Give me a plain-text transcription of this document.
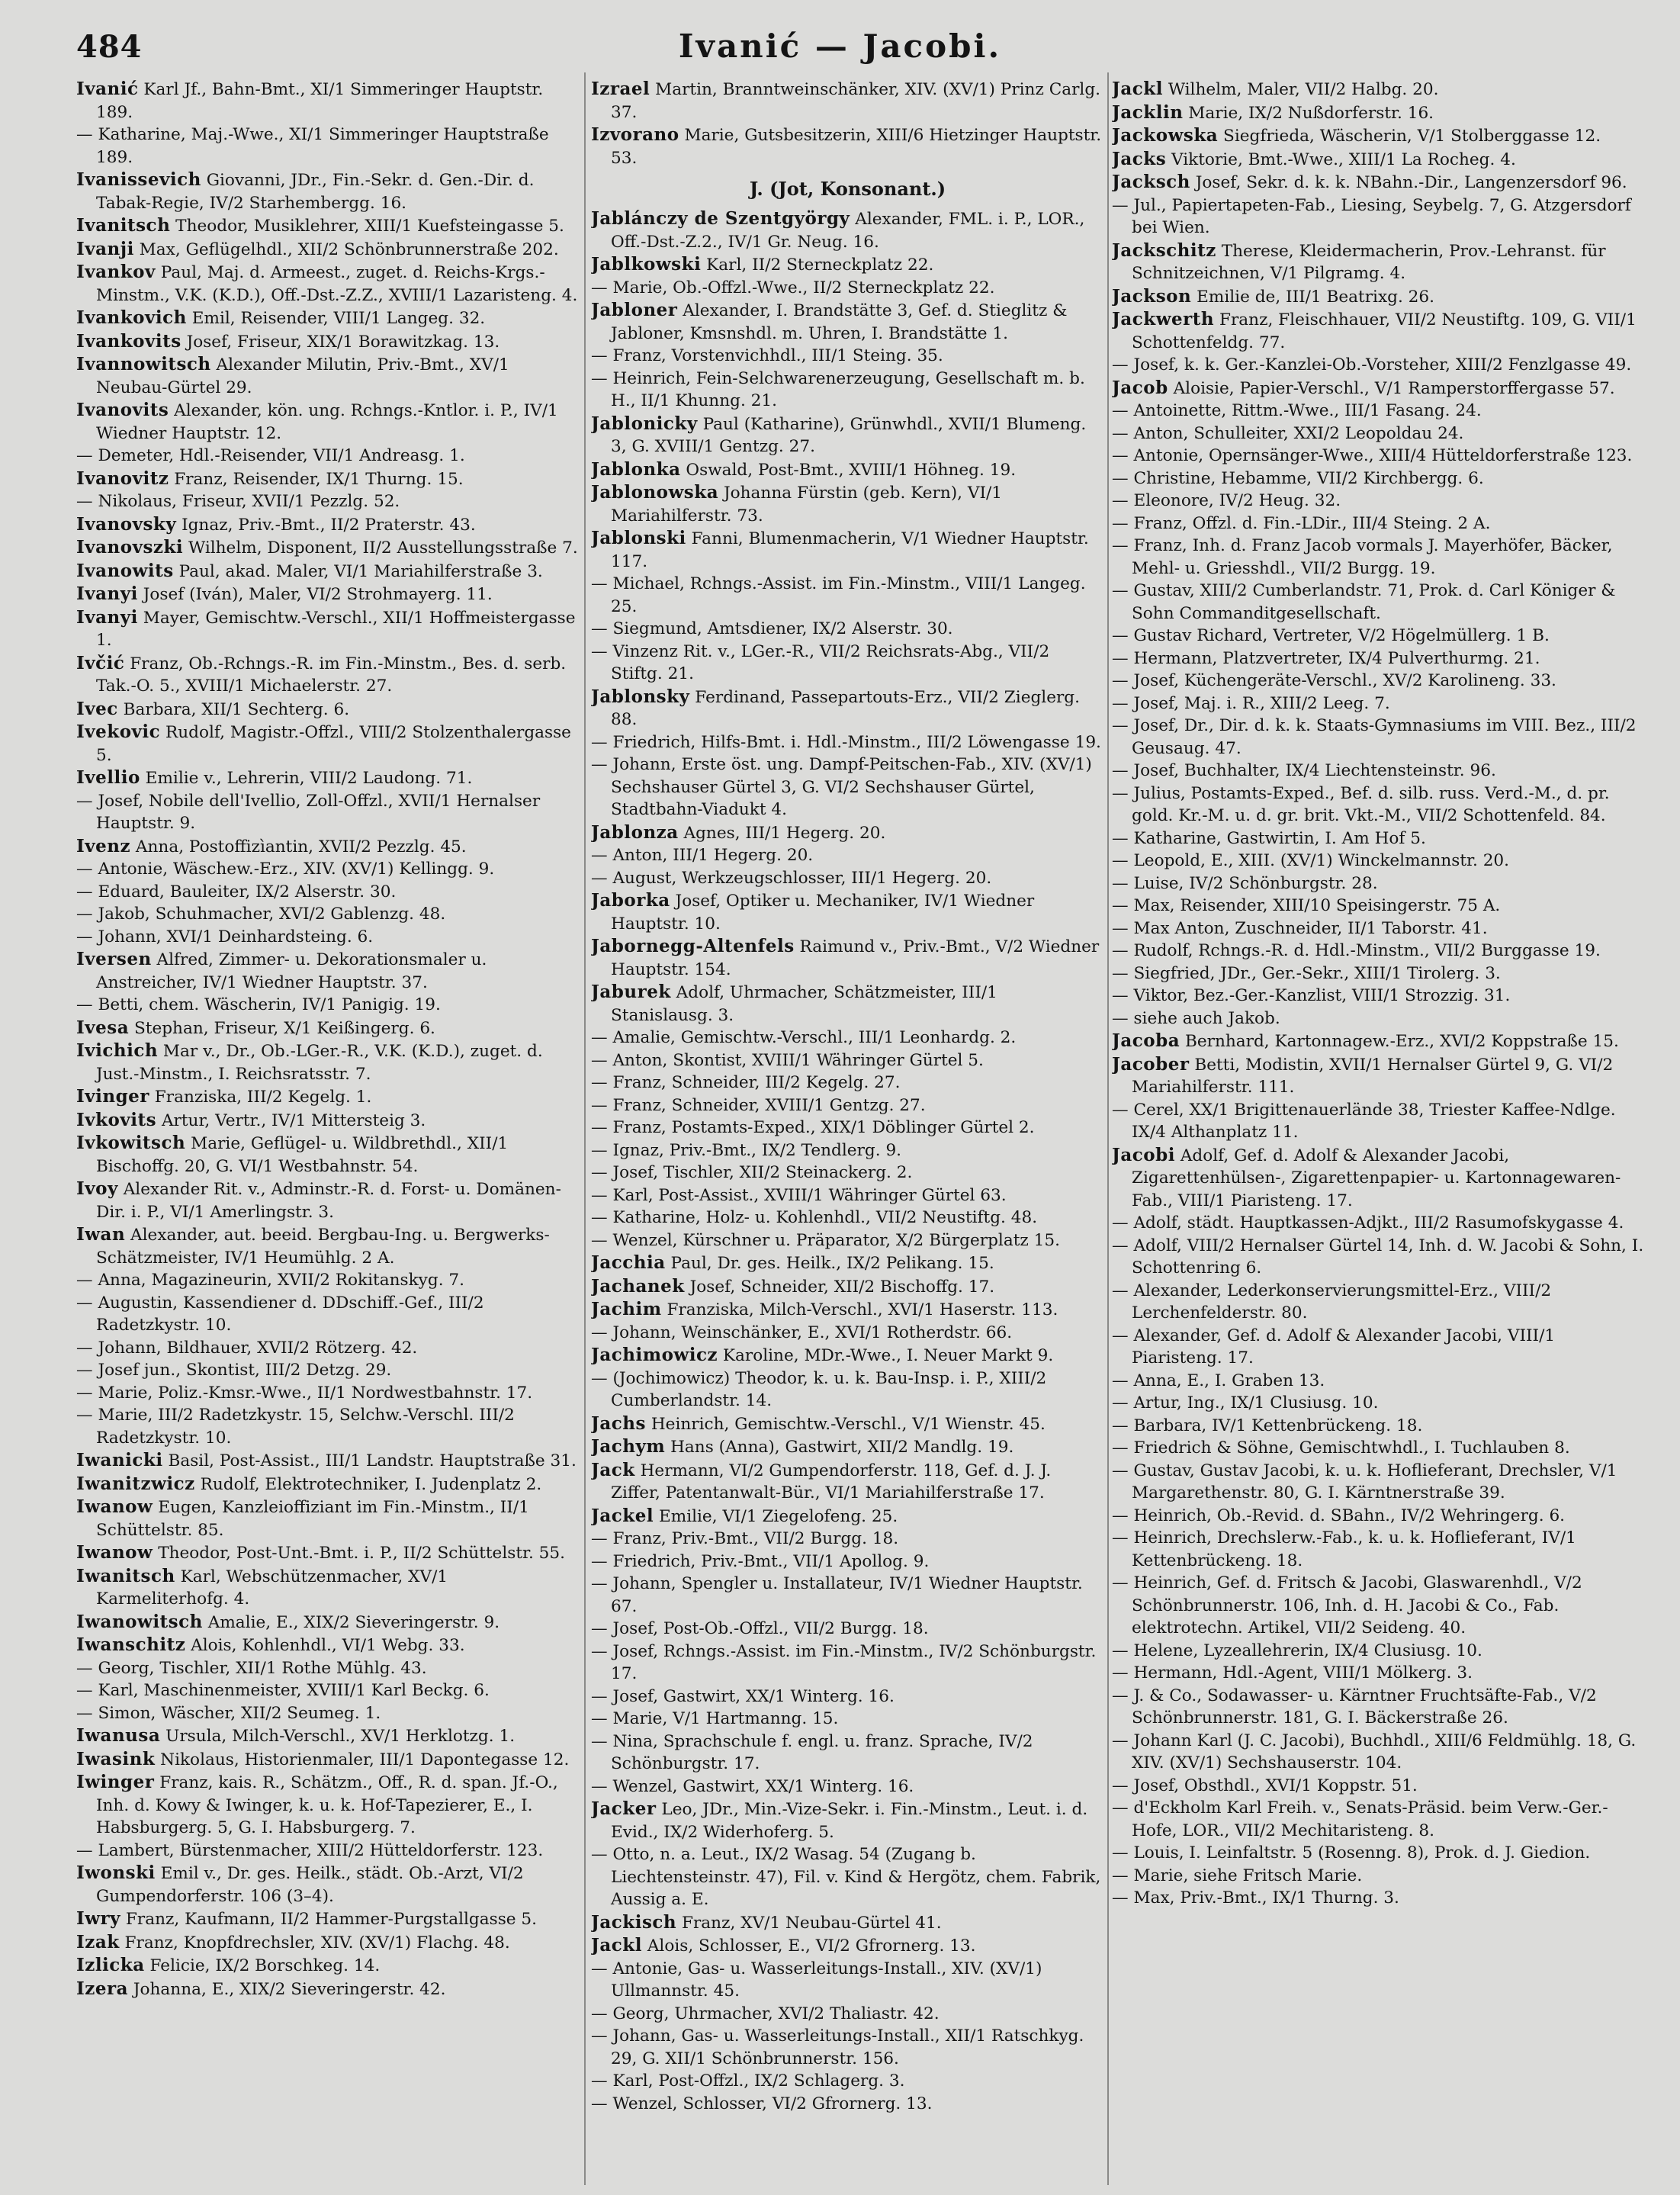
484	Ivanić — Jacobi.

Ivanić Karl Jf., Bahn-Bmt., XI/1 Simmeringer Hauptstr. 189.

— Katharine, Maj.-Wwe., XI/1 Simmeringer Hauptstraße 189.

Ivanissevich Giovanni, JDr., Fin.-Sekr. d. Gen.-Dir. d. Tabak-Regie, IV/2 Starhembergg. 16.

Ivanitsch Theodor, Musiklehrer, XIII/1 Kuefsteingasse 5.

Ivanji Max, Geflügelhdl., XII/2 Schönbrunnerstraße 202.

Ivankov Paul, Maj. d. Armeest., zuget. d. Reichs-Krgs.-Minstm., V.K. (K.D.), Off.-Dst.-Z.Z., XVIII/1 Lazaristeng. 4.

Ivankovich Emil, Reisender, VIII/1 Langeg. 32.

Ivankovits Josef, Friseur, XIX/1 Borawitzkag. 13.

Ivannowitsch Alexander Milutin, Priv.-Bmt., XV/1 Neubau-Gürtel 29.

Ivanovits Alexander, kön. ung. Rchngs.-Kntlor. i. P., IV/1 Wiedner Hauptstr. 12.

— Demeter, Hdl.-Reisender, VII/1 Andreasg. 1.

Ivanovitz Franz, Reisender, IX/1 Thurng. 15.

— Nikolaus, Friseur, XVII/1 Pezzlg. 52.

Ivanovsky Ignaz, Priv.-Bmt., II/2 Praterstr. 43.

Ivanovszki Wilhelm, Disponent, II/2 Ausstellungsstraße 7.

Ivanowits Paul, akad. Maler, VI/1 Mariahilferstraße 3.

Ivanyi Josef (Iván), Maler, VI/2 Strohmayerg. 11.

Ivanyi Mayer, Gemischtw.-Verschl., XII/1 Hoffmeistergasse 1.

Ivčić Franz, Ob.-Rchngs.-R. im Fin.-Minstm., Bes. d. serb. Tak.-O. 5., XVIII/1 Michaelerstr. 27.

Ivec Barbara, XII/1 Sechterg. 6.

Ivekovic Rudolf, Magistr.-Offzl., VIII/2 Stolzenthalergasse 5.

Ivellio Emilie v., Lehrerin, VIII/2 Laudong. 71.

— Josef, Nobile dell'Ivellio, Zoll-Offzl., XVII/1 Hernalser Hauptstr. 9.

Ivenz Anna, Postoffizìantin, XVII/2 Pezzlg. 45.

— Antonie, Wäschew.-Erz., XIV. (XV/1) Kellingg. 9.

— Eduard, Bauleiter, IX/2 Alserstr. 30.

— Jakob, Schuhmacher, XVI/2 Gablenzg. 48.

— Johann, XVI/1 Deinhardsteing. 6.

Iversen Alfred, Zimmer- u. Dekorationsmaler u. Anstreicher, IV/1 Wiedner Hauptstr. 37.

— Betti, chem. Wäscherin, IV/1 Panigig. 19.

Ivesa Stephan, Friseur, X/1 Keißingerg. 6.

Ivichich Mar v., Dr., Ob.-LGer.-R., V.K. (K.D.), zuget. d. Just.-Minstm., I. Reichsratsstr. 7.

Ivinger Franziska, III/2 Kegelg. 1.

Ivkovits Artur, Vertr., IV/1 Mittersteig 3.

Ivkowitsch Marie, Geflügel- u. Wildbrethdl., XII/1 Bischoffg. 20, G. VI/1 Westbahnstr. 54.

Ivoy Alexander Rit. v., Adminstr.-R. d. Forst- u. Domänen-Dir. i. P., VI/1 Amerlingstr. 3.

Iwan Alexander, aut. beeid. Bergbau-Ing. u. Bergwerks-Schätzmeister, IV/1 Heumühlg. 2 A.

— Anna, Magazineurin, XVII/2 Rokitanskyg. 7.

— Augustin, Kassendiener d. DDschiff.-Gef., III/2 Radetzkystr. 10.

— Johann, Bildhauer, XVII/2 Rötzerg. 42.

— Josef jun., Skontist, III/2 Detzg. 29.

— Marie, Poliz.-Kmsr.-Wwe., II/1 Nordwestbahnstr. 17.

— Marie, III/2 Radetzkystr. 15, Selchw.-Verschl. III/2 Radetzkystr. 10.

Iwanicki Basil, Post-Assist., III/1 Landstr. Hauptstraße 31.

Iwanitzwicz Rudolf, Elektrotechniker, I. Judenplatz 2.

Iwanow Eugen, Kanzleioffiziant im Fin.-Minstm., II/1 Schüttelstr. 85.

Iwanow Theodor, Post-Unt.-Bmt. i. P., II/2 Schüttelstr. 55.

Iwanitsch Karl, Webschützenmacher, XV/1 Karmeliterhofg. 4.

Iwanowitsch Amalie, E., XIX/2 Sieveringerstr. 9.

Iwanschitz Alois, Kohlenhdl., VI/1 Webg. 33.

— Georg, Tischler, XII/1 Rothe Mühlg. 43.

— Karl, Maschinenmeister, XVIII/1 Karl Beckg. 6.

— Simon, Wäscher, XII/2 Seumeg. 1.

Iwanusa Ursula, Milch-Verschl., XV/1 Herklotzg. 1.

Iwasink Nikolaus, Historienmaler, III/1 Dapontegasse 12.

Iwinger Franz, kais. R., Schätzm., Off., R. d. span. Jf.-O., Inh. d. Kowy & Iwinger, k. u. k. Hof-Tapezierer, E., I. Habsburgerg. 5, G. I. Habsburgerg. 7.

— Lambert, Bürstenmacher, XIII/2 Hütteldorferstr. 123.

Iwonski Emil v., Dr. ges. Heilk., städt. Ob.-Arzt, VI/2 Gumpendorferstr. 106 (3–4).

Iwry Franz, Kaufmann, II/2 Hammer-Purgstallgasse 5.

Izak Franz, Knopfdrechsler, XIV. (XV/1) Flachg. 48.

Izlicka Felicie, IX/2 Borschkeg. 14.

Izera Johanna, E., XIX/2 Sieveringerstr. 42.

Izrael Martin, Branntweinschänker, XIV. (XV/1) Prinz Carlg. 37.

Izvorano Marie, Gutsbesitzerin, XIII/6 Hietzinger Hauptstr. 53.

J. (Jot, Konsonant.)

Jablánczy de Szentgyörgy Alexander, FML. i. P., LOR., Off.-Dst.-Z.2., IV/1 Gr. Neug. 16.

Jablkowski Karl, II/2 Sterneckplatz 22.

— Marie, Ob.-Offzl.-Wwe., II/2 Sterneckplatz 22.

Jabloner Alexander, I. Brandstätte 3, Gef. d. Stieglitz & Jabloner, Kmsnshdl. m. Uhren, I. Brandstätte 1.

— Franz, Vorstenvichhdl., III/1 Steing. 35.

— Heinrich, Fein-Selchwarenerzeugung, Gesellschaft m. b. H., II/1 Khunng. 21.

Jablonicky Paul (Katharine), Grünwhdl., XVII/1 Blumeng. 3, G. XVIII/1 Gentzg. 27.

Jablonka Oswald, Post-Bmt., XVIII/1 Höhneg. 19.

Jablonowska Johanna Fürstin (geb. Kern), VI/1 Mariahilferstr. 73.

Jablonski Fanni, Blumenmacherin, V/1 Wiedner Hauptstr. 117.

— Michael, Rchngs.-Assist. im Fin.-Minstm., VIII/1 Langeg. 25.

— Siegmund, Amtsdiener, IX/2 Alserstr. 30.

— Vinzenz Rit. v., LGer.-R., VII/2 Reichsrats-Abg., VII/2 Stiftg. 21.

Jablonsky Ferdinand, Passepartouts-Erz., VII/2 Zieglerg. 88.

— Friedrich, Hilfs-Bmt. i. Hdl.-Minstm., III/2 Löwengasse 19.

— Johann, Erste öst. ung. Dampf-Peitschen-Fab., XIV. (XV/1) Sechshauser Gürtel 3, G. VI/2 Sechshauser Gürtel, Stadtbahn-Viadukt 4.

Jablonza Agnes, III/1 Hegerg. 20.

— Anton, III/1 Hegerg. 20.

— August, Werkzeugschlosser, III/1 Hegerg. 20.

Jaborka Josef, Optiker u. Mechaniker, IV/1 Wiedner Hauptstr. 10.

Jabornegg-Altenfels Raimund v., Priv.-Bmt., V/2 Wiedner Hauptstr. 154.

Jaburek Adolf, Uhrmacher, Schätzmeister, III/1 Stanislausg. 3.

— Amalie, Gemischtw.-Verschl., III/1 Leonhardg. 2.

— Anton, Skontist, XVIII/1 Währinger Gürtel 5.

— Franz, Schneider, III/2 Kegelg. 27.

— Franz, Schneider, XVIII/1 Gentzg. 27.

— Franz, Postamts-Exped., XIX/1 Döblinger Gürtel 2.

— Ignaz, Priv.-Bmt., IX/2 Tendlerg. 9.

— Josef, Tischler, XII/2 Steinackerg. 2.

— Karl, Post-Assist., XVIII/1 Währinger Gürtel 63.

— Katharine, Holz- u. Kohlenhdl., VII/2 Neustiftg. 48.

— Wenzel, Kürschner u. Präparator, X/2 Bürgerplatz 15.

Jacchia Paul, Dr. ges. Heilk., IX/2 Pelikang. 15.

Jachanek Josef, Schneider, XII/2 Bischoffg. 17.

Jachim Franziska, Milch-Verschl., XVI/1 Haserstr. 113.

— Johann, Weinschänker, E., XVI/1 Rotherdstr. 66.

Jachimowicz Karoline, MDr.-Wwe., I. Neuer Markt 9.

— (Jochimowicz) Theodor, k. u. k. Bau-Insp. i. P., XIII/2 Cumberlandstr. 14.

Jachs Heinrich, Gemischtw.-Verschl., V/1 Wienstr. 45.

Jachym Hans (Anna), Gastwirt, XII/2 Mandlg. 19.

Jack Hermann, VI/2 Gumpendorferstr. 118, Gef. d. J. J. Ziffer, Patentanwalt-Bür., VI/1 Mariahilferstraße 17.

Jackel Emilie, VI/1 Ziegelofeng. 25.

— Franz, Priv.-Bmt., VII/2 Burgg. 18.

— Friedrich, Priv.-Bmt., VII/1 Apollog. 9.

— Johann, Spengler u. Installateur, IV/1 Wiedner Hauptstr. 67.

— Josef, Post-Ob.-Offzl., VII/2 Burgg. 18.

— Josef, Rchngs.-Assist. im Fin.-Minstm., IV/2 Schönburgstr. 17.

— Josef, Gastwirt, XX/1 Winterg. 16.

— Marie, V/1 Hartmanng. 15.

— Nina, Sprachschule f. engl. u. franz. Sprache, IV/2 Schönburgstr. 17.

— Wenzel, Gastwirt, XX/1 Winterg. 16.

Jacker Leo, JDr., Min.-Vize-Sekr. i. Fin.-Minstm., Leut. i. d. Evid., IX/2 Widerhoferg. 5.

— Otto, n. a. Leut., IX/2 Wasag. 54 (Zugang b. Liechtensteinstr. 47), Fil. v. Kind & Hergötz, chem. Fabrik, Aussig a. E.

Jackisch Franz, XV/1 Neubau-Gürtel 41.

Jackl Alois, Schlosser, E., VI/2 Gfrornerg. 13.

— Antonie, Gas- u. Wasserleitungs-Install., XIV. (XV/1) Ullmannstr. 45.

— Georg, Uhrmacher, XVI/2 Thaliastr. 42.

— Johann, Gas- u. Wasserleitungs-Install., XII/1 Ratschkyg. 29, G. XII/1 Schönbrunnerstr. 156.

— Karl, Post-Offzl., IX/2 Schlagerg. 3.

— Wenzel, Schlosser, VI/2 Gfrornerg. 13.

Jackl Wilhelm, Maler, VII/2 Halbg. 20.

Jacklin Marie, IX/2 Nußdorferstr. 16.

Jackowska Siegfrieda, Wäscherin, V/1 Stolberggasse 12.

Jacks Viktorie, Bmt.-Wwe., XIII/1 La Rocheg. 4.

Jacksch Josef, Sekr. d. k. k. NBahn.-Dir., Langenzersdorf 96.

— Jul., Papiertapeten-Fab., Liesing, Seybelg. 7, G. Atzgersdorf bei Wien.

Jackschitz Therese, Kleidermacherin, Prov.-Lehranst. für Schnitzeichnen, V/1 Pilgramg. 4.

Jackson Emilie de, III/1 Beatrixg. 26.

Jackwerth Franz, Fleischhauer, VII/2 Neustiftg. 109, G. VII/1 Schottenfeldg. 77.

— Josef, k. k. Ger.-Kanzlei-Ob.-Vorsteher, XIII/2 Fenzlgasse 49.

Jacob Aloisie, Papier-Verschl., V/1 Ramperstorffergasse 57.

— Antoinette, Rittm.-Wwe., III/1 Fasang. 24.

— Anton, Schulleiter, XXI/2 Leopoldau 24.

— Antonie, Opernsänger-Wwe., XIII/4 Hütteldorferstraße 123.

— Christine, Hebamme, VII/2 Kirchbergg. 6.

— Eleonore, IV/2 Heug. 32.

— Franz, Offzl. d. Fin.-LDir., III/4 Steing. 2 A.

— Franz, Inh. d. Franz Jacob vormals J. Mayerhöfer, Bäcker, Mehl- u. Griesshdl., VII/2 Burgg. 19.

— Gustav, XIII/2 Cumberlandstr. 71, Prok. d. Carl Königer & Sohn Commanditgesellschaft.

— Gustav Richard, Vertreter, V/2 Högelmüllerg. 1 B.

— Hermann, Platzvertreter, IX/4 Pulverthurmg. 21.

— Josef, Küchengeräte-Verschl., XV/2 Karolineng. 33.

— Josef, Maj. i. R., XIII/2 Leeg. 7.

— Josef, Dr., Dir. d. k. k. Staats-Gymnasiums im VIII. Bez., III/2 Geusaug. 47.

— Josef, Buchhalter, IX/4 Liechtensteinstr. 96.

— Julius, Postamts-Exped., Bef. d. silb. russ. Verd.-M., d. pr. gold. Kr.-M. u. d. gr. brit. Vkt.-M., VII/2 Schottenfeld. 84.

— Katharine, Gastwirtin, I. Am Hof 5.

— Leopold, E., XIII. (XV/1) Winckelmannstr. 20.

— Luise, IV/2 Schönburgstr. 28.

— Max, Reisender, XIII/10 Speisingerstr. 75 A.

— Max Anton, Zuschneider, II/1 Taborstr. 41.

— Rudolf, Rchngs.-R. d. Hdl.-Minstm., VII/2 Burggasse 19.

— Siegfried, JDr., Ger.-Sekr., XIII/1 Tirolerg. 3.

— Viktor, Bez.-Ger.-Kanzlist, VIII/1 Strozzig. 31.

— siehe auch Jakob.

Jacoba Bernhard, Kartonnagew.-Erz., XVI/2 Koppstraße 15.

Jacober Betti, Modistin, XVII/1 Hernalser Gürtel 9, G. VI/2 Mariahilferstr. 111.

— Cerel, XX/1 Brigittenauerlände 38, Triester Kaffee-Ndlge. IX/4 Althanplatz 11.

Jacobi Adolf, Gef. d. Adolf & Alexander Jacobi, Zigarettenhülsen-, Zigarettenpapier- u. Kartonnagewaren-Fab., VIII/1 Piaristeng. 17.

— Adolf, städt. Hauptkassen-Adjkt., III/2 Rasumofskygasse 4.

— Adolf, VIII/2 Hernalser Gürtel 14, Inh. d. W. Jacobi & Sohn, I. Schottenring 6.

— Alexander, Lederkonservierungsmittel-Erz., VIII/2 Lerchenfelderstr. 80.

— Alexander, Gef. d. Adolf & Alexander Jacobi, VIII/1 Piaristeng. 17.

— Anna, E., I. Graben 13.

— Artur, Ing., IX/1 Clusiusg. 10.

— Barbara, IV/1 Kettenbrückeng. 18.

— Friedrich & Söhne, Gemischtwhdl., I. Tuchlauben 8.

— Gustav, Gustav Jacobi, k. u. k. Hoflieferant, Drechsler, V/1 Margarethenstr. 80, G. I. Kärntnerstraße 39.

— Heinrich, Ob.-Revid. d. SBahn., IV/2 Wehringerg. 6.

— Heinrich, Drechslerw.-Fab., k. u. k. Hoflieferant, IV/1 Kettenbrückeng. 18.

— Heinrich, Gef. d. Fritsch & Jacobi, Glaswarenhdl., V/2 Schönbrunnerstr. 106, Inh. d. H. Jacobi & Co., Fab. elektrotechn. Artikel, VII/2 Seideng. 40.

— Helene, Lyzeallehrerin, IX/4 Clusiusg. 10.

— Hermann, Hdl.-Agent, VIII/1 Mölkerg. 3.

— J. & Co., Sodawasser- u. Kärntner Fruchtsäfte-Fab., V/2 Schönbrunnerstr. 181, G. I. Bäckerstraße 26.

— Johann Karl (J. C. Jacobi), Buchhdl., XIII/6 Feldmühlg. 18, G. XIV. (XV/1) Sechshauserstr. 104.

— Josef, Obsthdl., XVI/1 Koppstr. 51.

— d'Eckholm Karl Freih. v., Senats-Präsid. beim Verw.-Ger.-Hofe, LOR., VII/2 Mechitaristeng. 8.

— Louis, I. Leinfaltstr. 5 (Rosenng. 8), Prok. d. J. Giedion.

— Marie, siehe Fritsch Marie.

— Max, Priv.-Bmt., IX/1 Thurng. 3.
